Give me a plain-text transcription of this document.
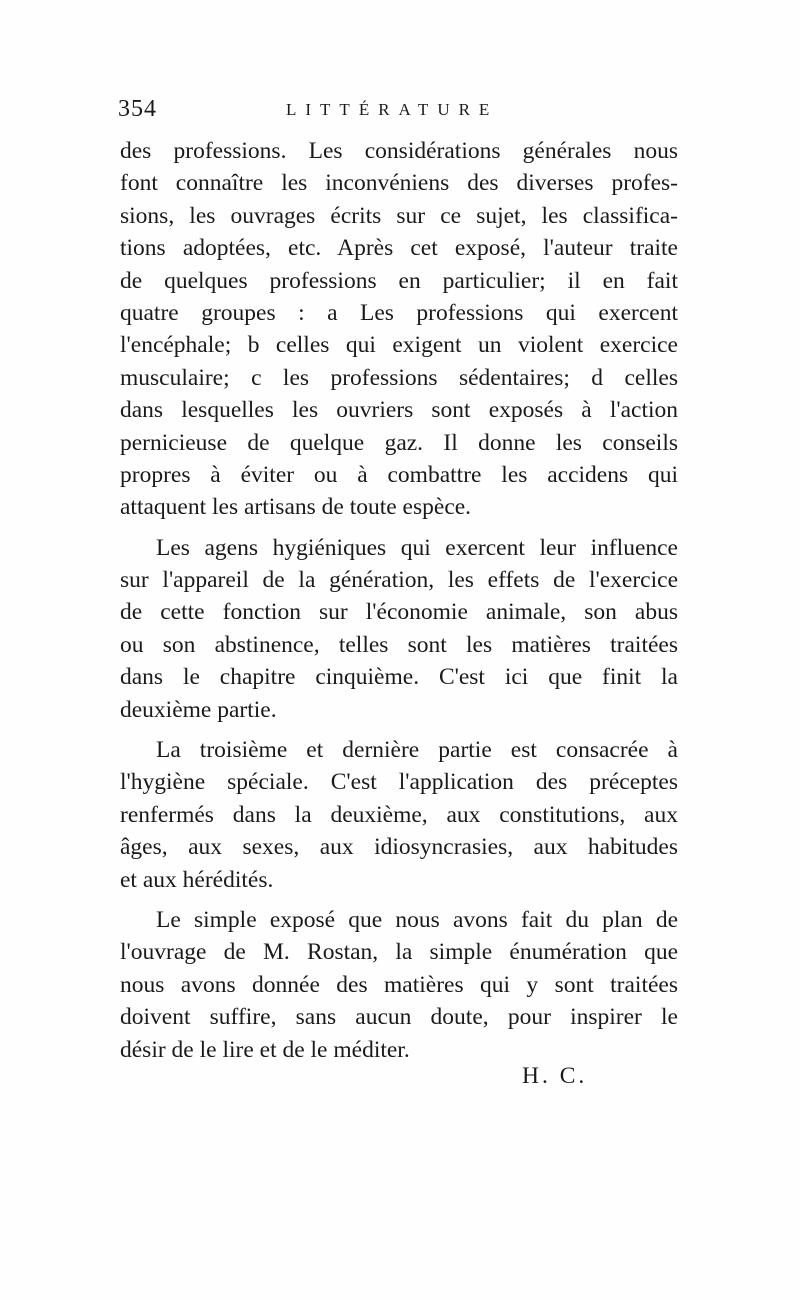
354	LITTÉRATURE
des professions. Les considérations générales nous
font connaître les inconvéniens des diverses profes-
sions, les ouvrages écrits sur ce sujet, les classifica-
tions adoptées, etc. Après cet exposé, l'auteur traite
de quelques professions en particulier; il en fait
quatre groupes : a Les professions qui exercent
l'encéphale; b celles qui exigent un violent exercice
musculaire; c les professions sédentaires; d celles
dans lesquelles les ouvriers sont exposés à l'action
pernicieuse de quelque gaz. Il donne les conseils
propres à éviter ou à combattre les accidens qui
attaquent les artisans de toute espèce.
Les agens hygiéniques qui exercent leur influence
sur l'appareil de la génération, les effets de l'exercice
de cette fonction sur l'économie animale, son abus
ou son abstinence, telles sont les matières traitées
dans le chapitre cinquième. C'est ici que finit la
deuxième partie.
La troisième et dernière partie est consacrée à
l'hygiène spéciale. C'est l'application des préceptes
renfermés dans la deuxième, aux constitutions, aux
âges, aux sexes, aux idiosyncrasies, aux habitudes
et aux hérédités.
Le simple exposé que nous avons fait du plan de
l'ouvrage de M. Rostan, la simple énumération que
nous avons donnée des matières qui y sont traitées
doivent suffire, sans aucun doute, pour inspirer le
désir de le lire et de le méditer.
H. C.
